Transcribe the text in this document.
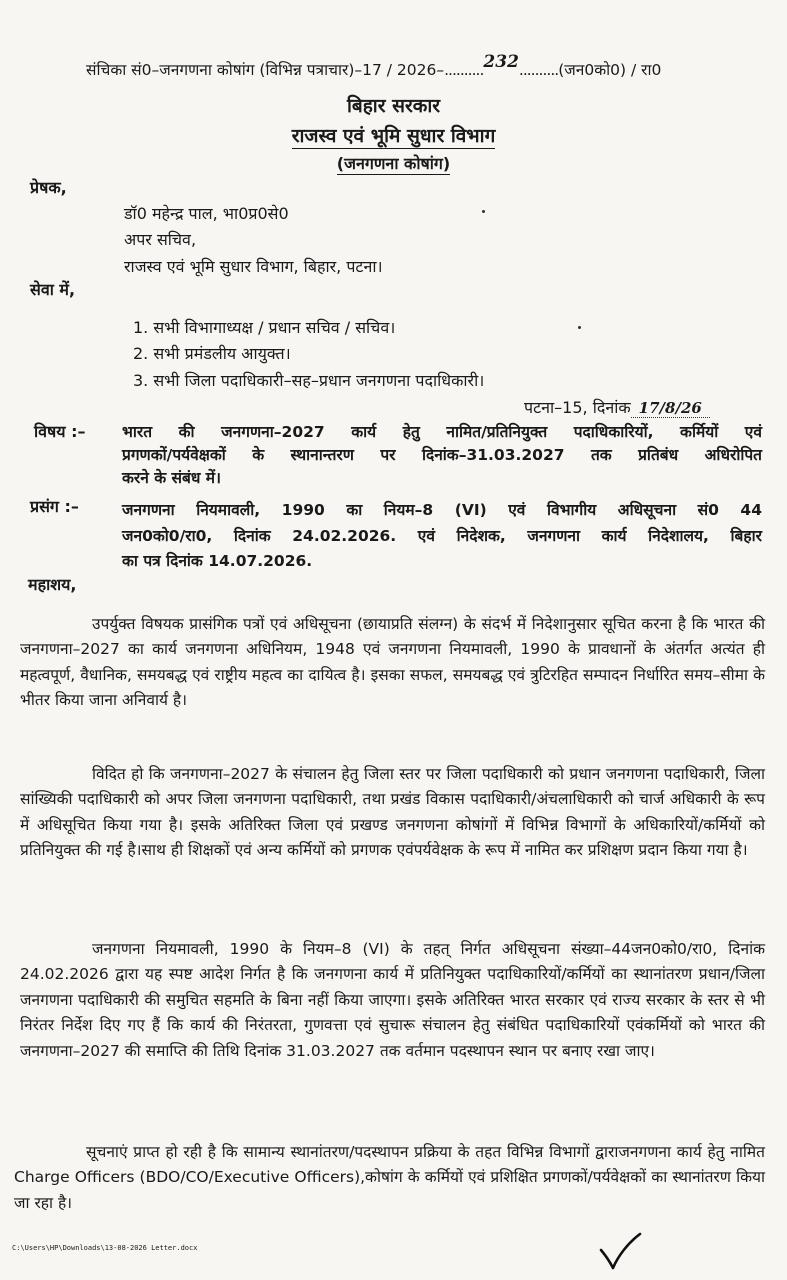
संचिका सं0–जनगणना कोषांग (विभिन्न पत्राचार)–17 / 2026–..........232..........(जन0को0) / रा0
बिहार सरकार
राजस्व एवं भूमि सुधार विभाग
(जनगणना कोषांग)
प्रेषक,
डॉ0 महेन्द्र पाल, भा0प्र0से0
अपर सचिव,
राजस्व एवं भूमि सुधार विभाग, बिहार, पटना।
सेवा में,
1. सभी विभागाध्यक्ष / प्रधान सचिव / सचिव।
2. सभी प्रमंडलीय आयुक्त।
3. सभी जिला पदाधिकारी–सह–प्रधान जनगणना पदाधिकारी।
पटना–15, दिनांक 17/8/26
विषय :– भारत की जनगणना–2027 कार्य हेतु नामित/प्रतिनियुक्त पदाधिकारियों, कर्मियों एवं
प्रगणकों/पर्यवेक्षकों के स्थानान्तरण पर दिनांक–31.03.2027 तक प्रतिबंध अधिरोपित
करने के संबंध में।
प्रसंग :–	जनगणना नियमावली, 1990 का नियम–8 (VI) एवं विभागीय अधिसूचना सं0 44
जन0को0/रा0, दिनांक 24.02.2026. एवं निदेशक, जनगणना कार्य निदेशालय, बिहार
का पत्र दिनांक 14.07.2026.
महाशय,
उपर्युक्त विषयक प्रासंगिक पत्रों एवं अधिसूचना (छायाप्रति संलग्न) के संदर्भ में निदेशानुसार सूचित करना है कि भारत की जनगणना–2027 का कार्य जनगणना अधिनियम, 1948 एवं जनगणना नियमावली, 1990 के प्रावधानों के अंतर्गत अत्यंत ही महत्वपूर्ण, वैधानिक, समयबद्ध एवं राष्ट्रीय महत्व का दायित्व है। इसका सफल, समयबद्ध एवं त्रुटिरहित सम्पादन निर्धारित समय–सीमा के भीतर किया जाना अनिवार्य है।
विदित हो कि जनगणना–2027 के संचालन हेतु जिला स्तर पर जिला पदाधिकारी को प्रधान जनगणना पदाधिकारी, जिला सांख्यिकी पदाधिकारी को अपर जिला जनगणना पदाधिकारी, तथा प्रखंड विकास पदाधिकारी/अंचलाधिकारी को चार्ज अधिकारी के रूप में अधिसूचित किया गया है। इसके अतिरिक्त जिला एवं प्रखण्ड जनगणना कोषांगों में विभिन्न विभागों के अधिकारियों/कर्मियों को प्रतिनियुक्त की गई है।साथ ही शिक्षकों एवं अन्य कर्मियों को प्रगणक एवंपर्यवेक्षक के रूप में नामित कर प्रशिक्षण प्रदान किया गया है।
जनगणना नियमावली, 1990 के नियम–8 (VI) के तहत् निर्गत अधिसूचना संख्या–44जन0को0/रा0, दिनांक 24.02.2026 द्वारा यह स्पष्ट आदेश निर्गत है कि जनगणना कार्य में प्रतिनियुक्त पदाधिकारियों/कर्मियों का स्थानांतरण प्रधान/जिला जनगणना पदाधिकारी की समुचित सहमति के बिना नहीं किया जाएगा। इसके अतिरिक्त भारत सरकार एवं राज्य सरकार के स्तर से भी निरंतर निर्देश दिए गए हैं कि कार्य की निरंतरता, गुणवत्ता एवं सुचारू संचालन हेतु संबंधित पदाधिकारियों एवंकर्मियों को भारत की जनगणना–2027 की समाप्ति की तिथि दिनांक 31.03.2027 तक वर्तमान पदस्थापन स्थान पर बनाए रखा जाए।
सूचनाएं प्राप्त हो रही है कि सामान्य स्थानांतरण/पदस्थापन प्रक्रिया के तहत विभिन्न विभागों द्वाराजनगणना कार्य हेतु नामित Charge Officers (BDO/CO/Executive Officers),कोषांग के कर्मियों एवं प्रशिक्षित प्रगणकों/पर्यवेक्षकों का स्थानांतरण किया जा रहा है।
C:\Users\HP\Downloads\13-08-2026 Letter.docx
